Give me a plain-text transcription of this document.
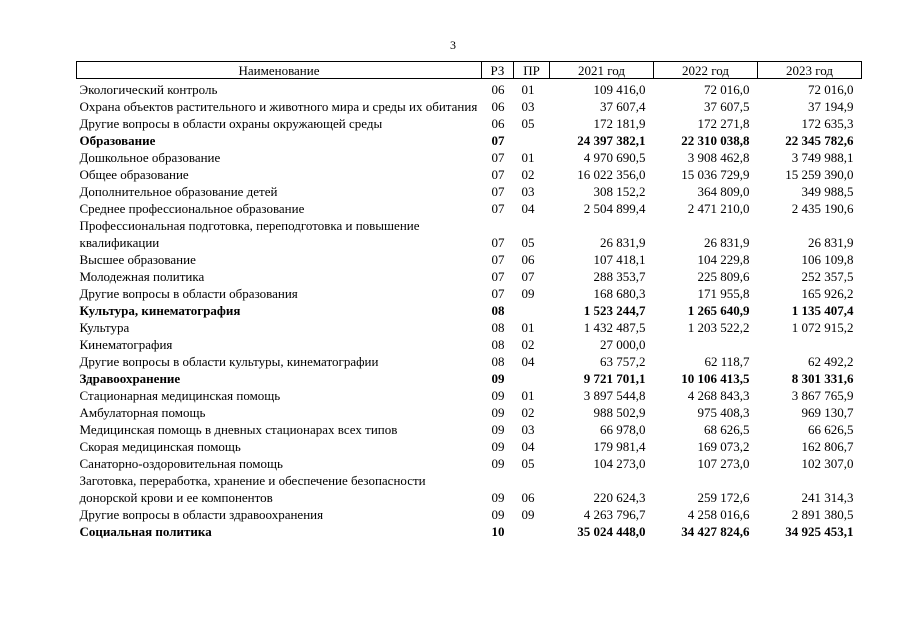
3
Наименование	РЗ	ПР	2021 год	2022 год	2023 год
Экологический контроль	06	01	109 416,0	72 016,0	72 016,0
Охрана объектов растительного и животного мира и среды их обитания	06	03	37 607,4	37 607,5	37 194,9
Другие вопросы в области охраны окружающей среды	06	05	172 181,9	172 271,8	172 635,3
Образование	07		24 397 382,1	22 310 038,8	22 345 782,6
Дошкольное образование	07	01	4 970 690,5	3 908 462,8	3 749 988,1
Общее образование	07	02	16 022 356,0	15 036 729,9	15 259 390,0
Дополнительное образование детей	07	03	308 152,2	364 809,0	349 988,5
Среднее профессиональное образование	07	04	2 504 899,4	2 471 210,0	2 435 190,6
Профессиональная подготовка, переподготовка и повышение квалификации	07	05	26 831,9	26 831,9	26 831,9
Высшее образование	07	06	107 418,1	104 229,8	106 109,8
Молодежная политика	07	07	288 353,7	225 809,6	252 357,5
Другие вопросы в области образования	07	09	168 680,3	171 955,8	165 926,2
Культура, кинематография	08		1 523 244,7	1 265 640,9	1 135 407,4
Культура	08	01	1 432 487,5	1 203 522,2	1 072 915,2
Кинематография	08	02	27 000,0		
Другие вопросы в области культуры, кинематографии	08	04	63 757,2	62 118,7	62 492,2
Здравоохранение	09		9 721 701,1	10 106 413,5	8 301 331,6
Стационарная медицинская помощь	09	01	3 897 544,8	4 268 843,3	3 867 765,9
Амбулаторная помощь	09	02	988 502,9	975 408,3	969 130,7
Медицинская помощь в дневных стационарах всех типов	09	03	66 978,0	68 626,5	66 626,5
Скорая медицинская помощь	09	04	179 981,4	169 073,2	162 806,7
Санаторно-оздоровительная помощь	09	05	104 273,0	107 273,0	102 307,0
Заготовка, переработка, хранение и обеспечение безопасности донорской крови и ее компонентов	09	06	220 624,3	259 172,6	241 314,3
Другие вопросы в области здравоохранения	09	09	4 263 796,7	4 258 016,6	2 891 380,5
Социальная политика	10		35 024 448,0	34 427 824,6	34 925 453,1
